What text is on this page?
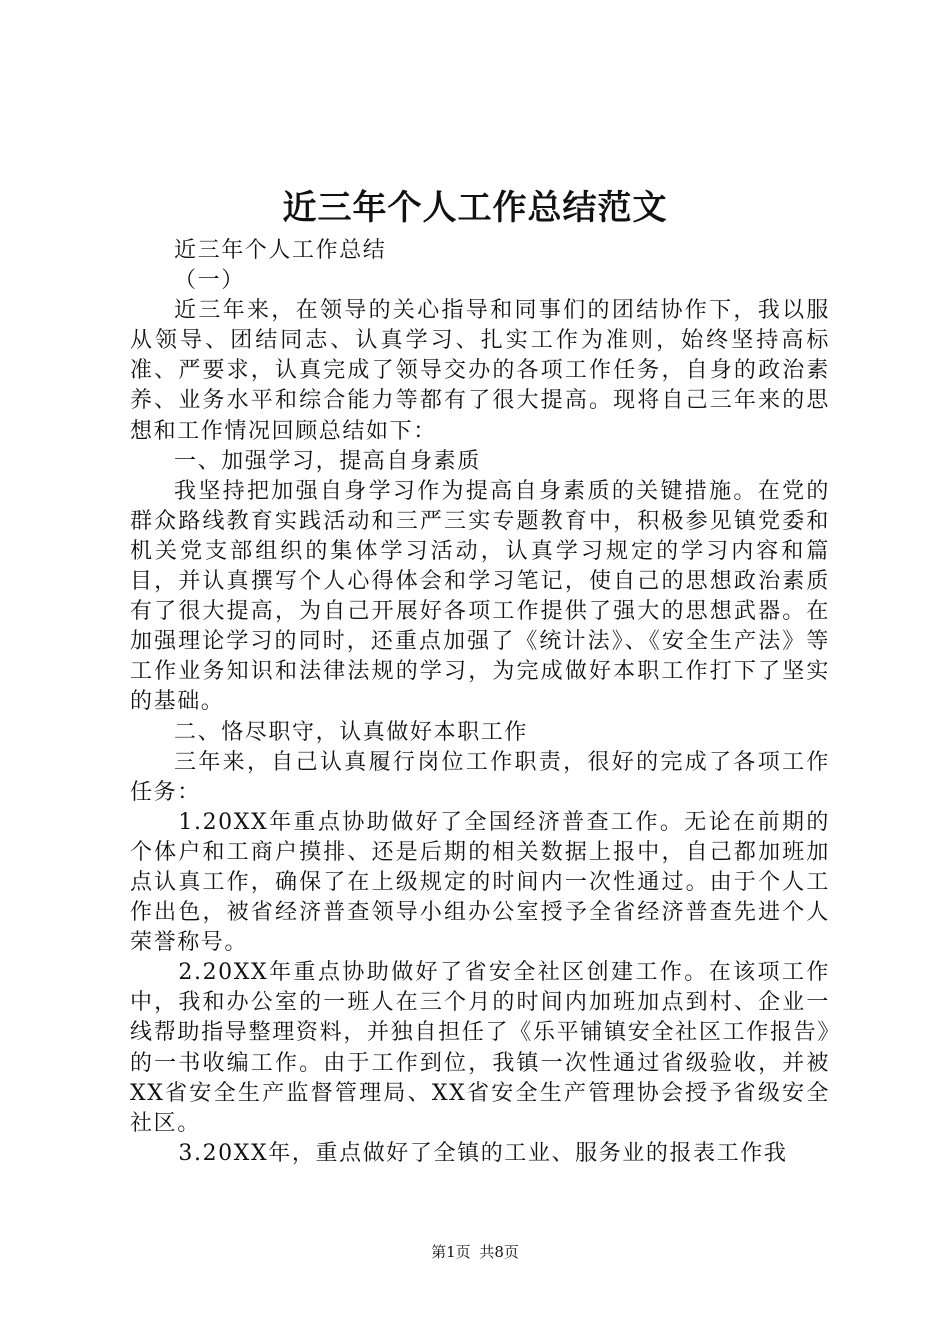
近三年个人工作总结范文

近三年个人工作总结

（一）

近三年来，在领导的关心指导和同事们的团结协作下，我以服从领导、团结同志、认真学习、扎实工作为准则，始终坚持高标准、严要求，认真完成了领导交办的各项工作任务，自身的政治素养、业务水平和综合能力等都有了很大提高。现将自己三年来的思想和工作情况回顾总结如下：

一、加强学习，提高自身素质

我坚持把加强自身学习作为提高自身素质的关键措施。在党的群众路线教育实践活动和三严三实专题教育中，积极参见镇党委和机关党支部组织的集体学习活动，认真学习规定的学习内容和篇目，并认真撰写个人心得体会和学习笔记，使自己的思想政治素质有了很大提高，为自己开展好各项工作提供了强大的思想武器。在加强理论学习的同时，还重点加强了《统计法》、《安全生产法》等工作业务知识和法律法规的学习，为完成做好本职工作打下了坚实的基础。

二、恪尽职守，认真做好本职工作

三年来，自己认真履行岗位工作职责，很好的完成了各项工作任务：

1.20XX年重点协助做好了全国经济普查工作。无论在前期的个体户和工商户摸排、还是后期的相关数据上报中，自己都加班加点认真工作，确保了在上级规定的时间内一次性通过。由于个人工作出色，被省经济普查领导小组办公室授予全省经济普查先进个人荣誉称号。

2.20XX年重点协助做好了省安全社区创建工作。在该项工作中，我和办公室的一班人在三个月的时间内加班加点到村、企业一线帮助指导整理资料，并独自担任了《乐平铺镇安全社区工作报告》的一书收编工作。由于工作到位，我镇一次性通过省级验收，并被XX省安全生产监督管理局、XX省安全生产管理协会授予省级安全社区。

3.20XX年，重点做好了全镇的工业、服务业的报表工作我

第1页 共8页
